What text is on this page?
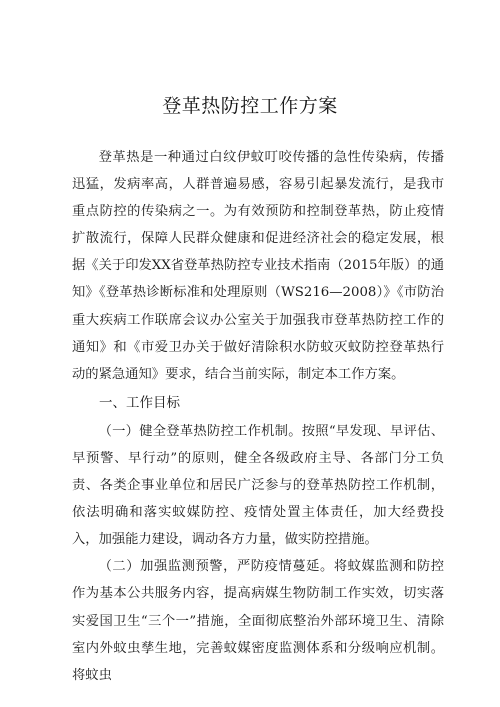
登革热防控工作方案

登革热是一种通过白纹伊蚊叮咬传播的急性传染病，传播迅猛，发病率高，人群普遍易感，容易引起暴发流行，是我市重点防控的传染病之一。为有效预防和控制登革热，防止疫情扩散流行，保障人民群众健康和促进经济社会的稳定发展，根据《关于印发XX省登革热防控专业技术指南（2015年版）的通知》《登革热诊断标准和处理原则（WS216—2008）》《市防治重大疾病工作联席会议办公室关于加强我市登革热防控工作的通知》和《市爱卫办关于做好清除积水防蚊灭蚊防控登革热行动的紧急通知》要求，结合当前实际，制定本工作方案。

一、工作目标

（一）健全登革热防控工作机制。按照“早发现、早评估、早预警、早行动”的原则，健全各级政府主导、各部门分工负责、各类企事业单位和居民广泛参与的登革热防控工作机制，依法明确和落实蚊媒防控、疫情处置主体责任，加大经费投入，加强能力建设，调动各方力量，做实防控措施。

（二）加强监测预警，严防疫情蔓延。将蚊媒监测和防控作为基本公共服务内容，提高病媒生物防制工作实效，切实落实爱国卫生“三个一”措施，全面彻底整治外部环境卫生、清除室内外蚊虫孳生地，完善蚊媒密度监测体系和分级响应机制。将蚊虫
